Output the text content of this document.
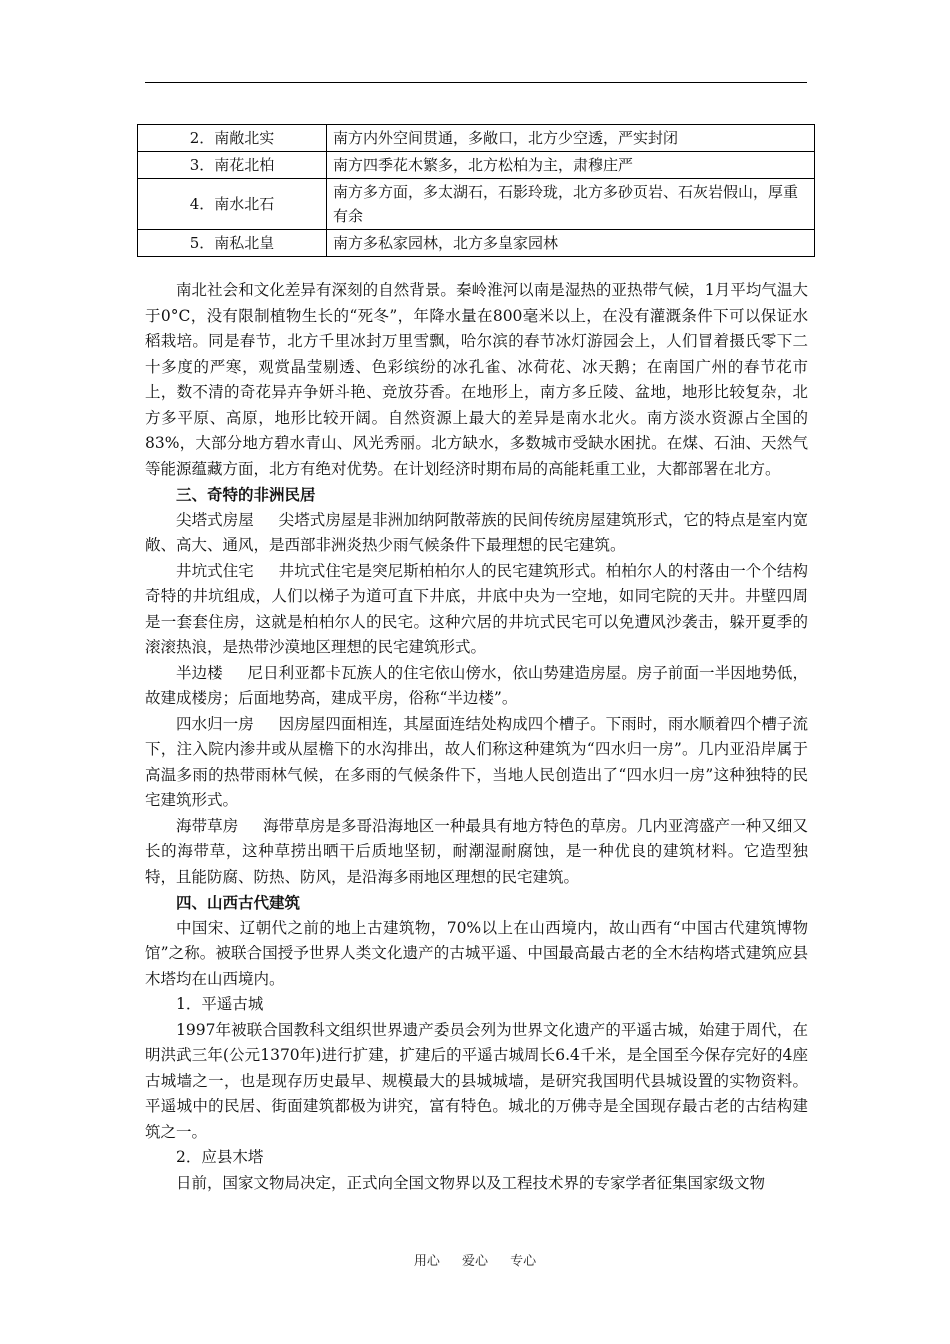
2．南敞北实	南方内外空间贯通，多敞口，北方少空透，严实封闭
3．南花北柏	南方四季花木繁多，北方松柏为主，肃穆庄严
4．南水北石	南方多方面，多太湖石，石影玲珑，北方多砂页岩、石灰岩假山，厚重有余
5．南私北皇	南方多私家园林，北方多皇家园林

南北社会和文化差异有深刻的自然背景。秦岭淮河以南是湿热的亚热带气候，1月平均气温大于0°C，没有限制植物生长的“死冬”，年降水量在800毫米以上，在没有灌溉条件下可以保证水稻栽培。同是春节，北方千里冰封万里雪飘，哈尔滨的春节冰灯游园会上，人们冒着摄氏零下二十多度的严寒，观赏晶莹剔透、色彩缤纷的冰孔雀、冰荷花、冰天鹅；在南国广州的春节花市上，数不清的奇花异卉争妍斗艳、竞放芬香。在地形上，南方多丘陵、盆地，地形比较复杂，北方多平原、高原，地形比较开阔。自然资源上最大的差异是南水北火。南方淡水资源占全国的83%，大部分地方碧水青山、风光秀丽。北方缺水，多数城市受缺水困扰。在煤、石油、天然气等能源蕴藏方面，北方有绝对优势。在计划经济时期布局的高能耗重工业，大都部署在北方。

三、奇特的非洲民居

尖塔式房屋 尖塔式房屋是非洲加纳阿散蒂族的民间传统房屋建筑形式，它的特点是室内宽敞、高大、通风，是西部非洲炎热少雨气候条件下最理想的民宅建筑。

井坑式住宅 井坑式住宅是突尼斯柏柏尔人的民宅建筑形式。柏柏尔人的村落由一个个结构奇特的井坑组成，人们以梯子为道可直下井底，井底中央为一空地，如同宅院的天井。井壁四周是一套套住房，这就是柏柏尔人的民宅。这种穴居的井坑式民宅可以免遭风沙袭击，躲开夏季的滚滚热浪，是热带沙漠地区理想的民宅建筑形式。

半边楼 尼日利亚都卡瓦族人的住宅依山傍水，依山势建造房屋。房子前面一半因地势低，故建成楼房；后面地势高，建成平房，俗称“半边楼”。

四水归一房 因房屋四面相连，其屋面连结处构成四个槽子。下雨时，雨水顺着四个槽子流下，注入院内渗井或从屋檐下的水沟排出，故人们称这种建筑为“四水归一房”。几内亚沿岸属于高温多雨的热带雨林气候，在多雨的气候条件下，当地人民创造出了“四水归一房”这种独特的民宅建筑形式。

海带草房 海带草房是多哥沿海地区一种最具有地方特色的草房。几内亚湾盛产一种又细又长的海带草，这种草捞出晒干后质地坚韧，耐潮湿耐腐蚀，是一种优良的建筑材料。它造型独特，且能防腐、防热、防风，是沿海多雨地区理想的民宅建筑。

四、山西古代建筑

中国宋、辽朝代之前的地上古建筑物，70%以上在山西境内，故山西有“中国古代建筑博物馆”之称。被联合国授予世界人类文化遗产的古城平遥、中国最高最古老的全木结构塔式建筑应县木塔均在山西境内。

1．平遥古城

1997年被联合国教科文组织世界遗产委员会列为世界文化遗产的平遥古城，始建于周代，在明洪武三年(公元1370年)进行扩建，扩建后的平遥古城周长6.4千米，是全国至今保存完好的4座古城墙之一，也是现存历史最早、规模最大的县城城墙，是研究我国明代县城设置的实物资料。平遥城中的民居、街面建筑都极为讲究，富有特色。城北的万佛寺是全国现存最古老的古结构建筑之一。

2．应县木塔

日前，国家文物局决定，正式向全国文物界以及工程技术界的专家学者征集国家级文物

用心 爱心 专心
